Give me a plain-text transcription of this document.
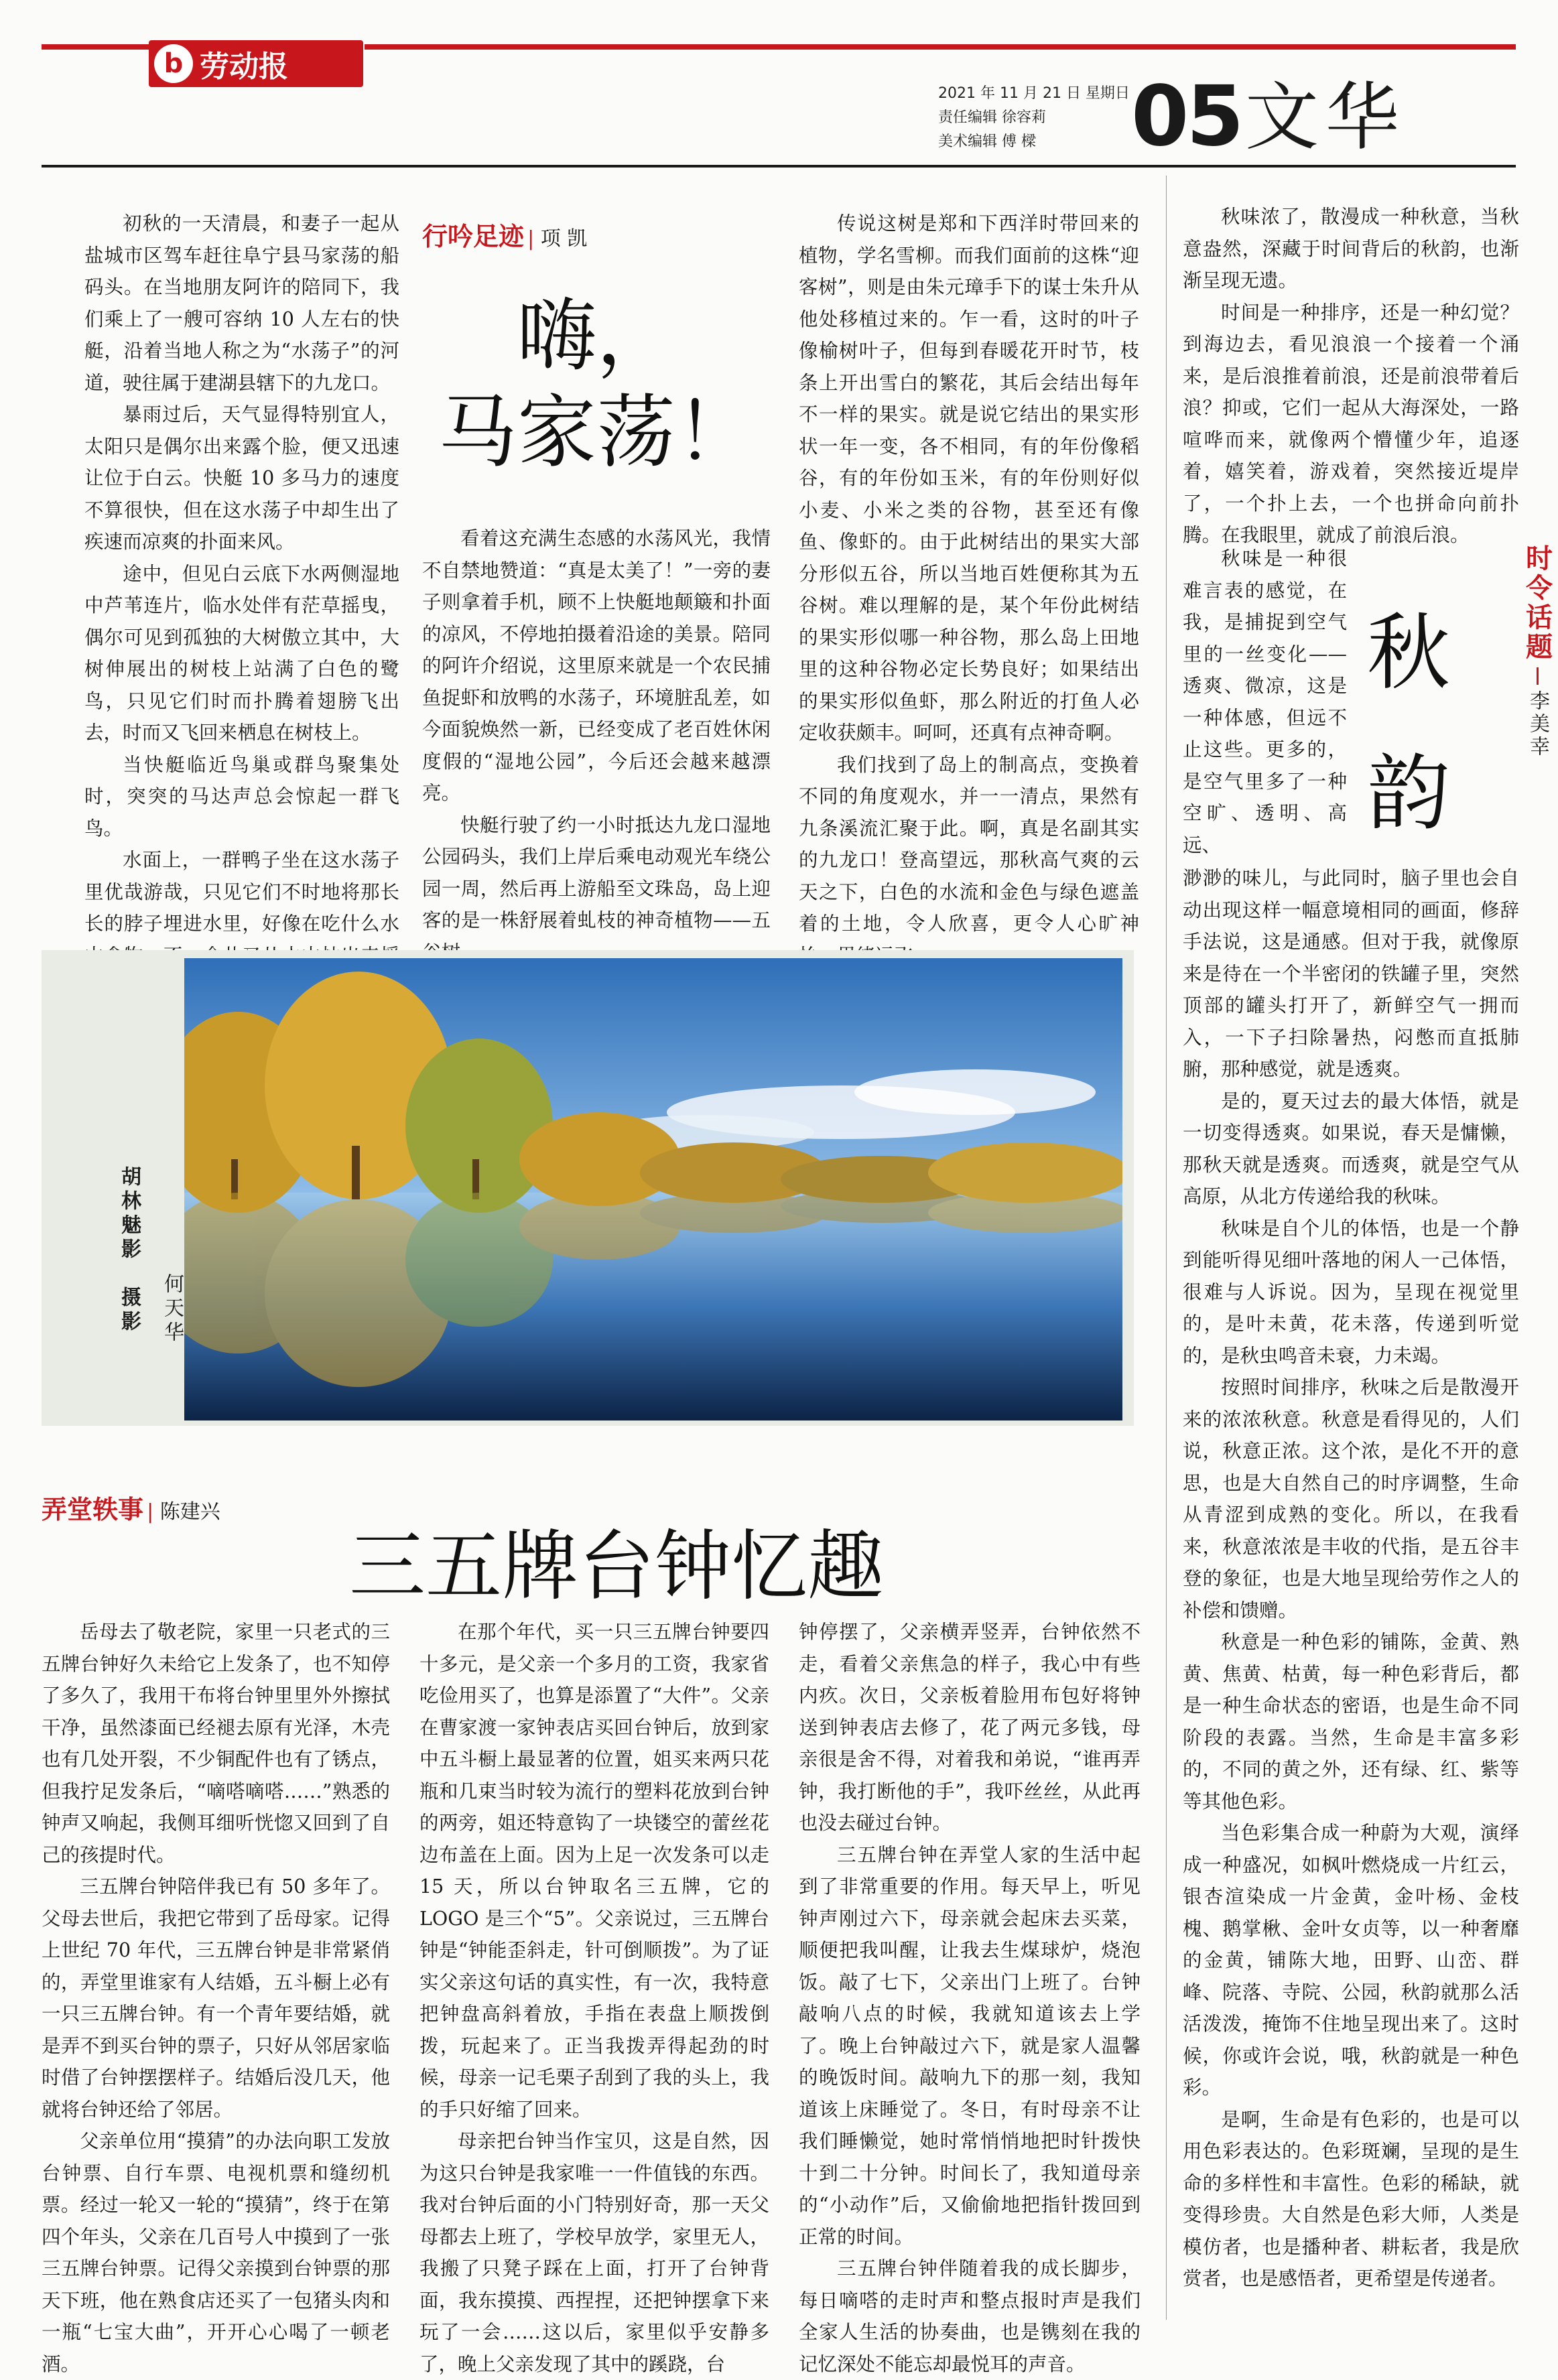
b 劳动报
2021 年 11 月 21 日 星期日
责任编辑 徐容莉
美术编辑 傅 樑	05 文华

初秋的一天清晨，和妻子一起从盐城市区驾车赶往阜宁县马家荡的船码头。在当地朋友阿许的陪同下，我们乘上了一艘可容纳 10 人左右的快艇，沿着当地人称之为“水荡子”的河道，驶往属于建湖县辖下的九龙口。

暴雨过后，天气显得特别宜人，太阳只是偶尔出来露个脸，便又迅速让位于白云。快艇 10 多马力的速度不算很快，但在这水荡子中却生出了疾速而凉爽的扑面来风。

途中，但见白云底下水两侧湿地中芦苇连片，临水处伴有茫草摇曳，偶尔可见到孤独的大树傲立其中，大树伸展出的树枝上站满了白色的鹭鸟，只见它们时而扑腾着翅膀飞出去，时而又飞回来栖息在树枝上。

当快艇临近鸟巢或群鸟聚集处时，突突的马达声总会惊起一群飞鸟。

水面上，一群鸭子坐在这水荡子里优哉游哉，只见它们不时地将那长长的脖子埋进水里，好像在吃什么水

行吟足迹 | 项 凯
嗨，
马家荡！

看着这充满生态感的水荡风光，我情不自禁地赞道：“真是太美了！”一旁的妻子则拿着手机，顾不上快艇地颠簸和扑面的凉风，不停地拍摄着沿途的美景。陪同的阿许介绍说，这里原来就是一个农民捕鱼捉虾和放鸭的水荡子，环境脏乱差，如今面貌焕然一新，已经变成了老百姓休闲度假的“湿地公园”，今后还会越来越漂亮。

快艇行驶了约一小时抵达九龙口湿地公园码头，我们上岸后乘电动观光车绕公园一周，然后再上游船至文珠岛，岛上迎客的是一株舒展着虬枝的神奇植物——五

传说这树是郑和下西洋时带回来的植物，学名雪柳。而我们面前的这株“迎客树”，则是由朱元璋手下的谋士朱升从他处移植过来的。乍一看，这时的叶子像榆树叶子，但每到春暖花开时节，枝条上开出雪白的繁花，其后会结出每年不一样的果实。就是说它结出的果实形状一年一变，各不相同，有的年份像稻谷，有的年份如玉米，有的年份则好似小麦、小米之类的谷物，甚至还有像鱼、像虾的。由于此树结出的果实大部分形似五谷，所以当地百姓便称其为五谷树。难以理解的是，某个年份此树结的果实形似哪一种谷物，那么岛上田地里的这种谷物必定长势良好；如果结出的果实形似鱼虾，那么附近的打鱼人必定收获颇丰。呵呵，还真有点神奇啊。

我们找到了岛上的制高点，变换着不同的角度观水，并一一清点，果然有九条溪流汇聚于此。啊，真是名副其实的九龙口！登高望远，那秋高气爽的云天之下，白色的水流和金色与绿色遮盖着的土地，令人欣喜，更令人心旷神

胡林魅影　摄影 何天华
弄堂轶事 | 陈建兴
三五牌台钟忆趣

岳母去了敬老院，家里一只老式的三五牌台钟好久未给它上发条了，也不知停了多久了，我用干布将台钟里里外外擦拭干净，虽然漆面已经褪去原有光泽，木壳也有几处开裂，不少铜配件也有了锈点，但我拧足发条后，“嘀嗒嘀嗒……”熟悉的钟声又响起，我侧耳细听恍惚又回到了自己的孩提时代。

三五牌台钟陪伴我已有 50 多年了。父母去世后，我把它带到了岳母家。记得上世纪 70 年代，三五牌台钟是非常紧俏的，弄堂里谁家有人结婚，五斗橱上必有一只三五牌台钟。有一个青年要结婚，就是弄不到买台钟的票子，只好从邻居家临时借了台钟摆摆样子。结婚后没几天，他就将台钟还给了邻居。

父亲单位用“摸猜”的办法向职工发放台钟票、自行车票、电视机票和缝纫机票。经过一轮又一轮的“摸猜”，终于在第四个年头，父亲在几百号人中摸到了一张三五牌台钟票。记得父亲摸到台钟票的那天下班，他在熟食店还买了一包猪头肉和一瓶“七宝大曲”，开开心心喝了一顿老酒。

在那个年代，买一只三五牌台钟要四十多元，是父亲一个多月的工资，我家省吃俭用买了，也算是添置了“大件”。父亲在曹家渡一家钟表店买回台钟后，放到家中五斗橱上最显著的位置，姐买来两只花瓶和几束当时较为流行的塑料花放到台钟的两旁，姐还特意钩了一块镂空的蕾丝花边布盖在上面。因为上足一次发条可以走 15 天，所以台钟取名三五牌，它的 LOGO 是三个“5”。父亲说过，三五牌台钟是“钟能歪斜走，针可倒顺拨”。为了证实父亲这句话的真实性，有一次，我特意把钟盘高斜着放，手指在表盘上顺拨倒拨，玩起来了。正当我拨弄得起劲的时候，母亲一记毛栗子刮到了我的头上，我的手只好缩了回来。

母亲把台钟当作宝贝，这是自然，因为这只台钟是我家唯一一件值钱的东西。我对台钟后面的小门特别好奇，那一天父母都去上班了，学校早放学，家里无人，我搬了只凳子踩在上面，打开了台钟背面，我东摸摸、西捏捏，还把钟摆拿下来玩了一会……这以后，家里似乎安静多了，晚上父亲发现了其中的蹊跷，台

钟停摆了，父亲横弄竖弄，台钟依然不走，看着父亲焦急的样子，我心中有些内疚。次日，父亲板着脸用布包好将钟送到钟表店去修了，花了两元多钱，母亲很是舍不得，对着我和弟说，“谁再弄钟，我打断他的手”，我吓丝丝，从此再也没去碰过台钟。

三五牌台钟在弄堂人家的生活中起到了非常重要的作用。每天早上，听见钟声刚过六下，母亲就会起床去买菜，顺便把我叫醒，让我去生煤球炉，烧泡饭。敲了七下，父亲出门上班了。台钟敲响八点的时候，我就知道该去上学了。晚上台钟敲过六下，就是家人温馨的晚饭时间。敲响九下的那一刻，我知道该上床睡觉了。冬日，有时母亲不让我们睡懒觉，她时常悄悄地把时针拨快十到二十分钟。时间长了，我知道母亲的“小动作”后，又偷偷地把指针拨回到正常的时间。

三五牌台钟伴随着我的成长脚步，每日嘀嗒的走时声和整点报时声是我们全家人生活的协奏曲，也是镌刻在我的记忆深处不能忘却最悦耳的声音。

秋味浓了，散漫成一种秋意，当秋意盎然，深藏于时间背后的秋韵，也渐渐呈现无遗。

时间是一种排序，还是一种幻觉？到海边去，看见浪浪一个接着一个涌来，是后浪推着前浪，还是前浪带着后浪？抑或，它们一起从大海深处，一路喧哗而来，就像两个懵懂少年，追逐着，嬉笑着，游戏着，突然接近堤岸了，一个扑上去，一个也拼命向前扑腾。在我眼里，就成了前浪后浪。

秋味是一种很难言表的感觉，在我，是捕捉到空气里的一丝变化——透爽、微凉，这是一种体感，但远不止这些。更多的，是空气里多了一种空旷、透明、高远、

时令话题
李美幸
秋
韵

渺渺的味儿，与此同时，脑子里也会自动出现这样一幅意境相同的画面，修辞手法说，这是通感。但对于我，就像原来是待在一个半密闭的铁罐子里，突然顶部的罐头打开了，新鲜空气一拥而入，一下子扫除暑热，闷憋而直抵肺腑，那种感觉，就是透爽。

是的，夏天过去的最大体悟，就是一切变得透爽。如果说，春天是慵懒，那秋天就是透爽。而透爽，就是空气从高原，从北方传递给我的秋味。

秋味是自个儿的体悟，也是一个静到能听得见细叶落地的闲人一己体悟，很难与人诉说。因为，呈现在视觉里的，是叶未黄，花未落，传递到听觉的，是秋虫鸣音未衰，力未竭。

按照时间排序，秋味之后是散漫开来的浓浓秋意。秋意是看得见的，人们说，秋意正浓。这个浓，是化不开的意思，也是大自然自己的时序调整，生命从青涩到成熟的变化。所以，在我看来，秋意浓浓是丰收的代指，是五谷丰登的象征，也是大地呈现给劳作之人的补偿和馈赠。

秋意是一种色彩的铺陈，金黄、熟黄、焦黄、枯黄，每一种色彩背后，都是一种生命状态的密语，也是生命不同阶段的表露。当然，生命是丰富多彩的，不同的黄之外，还有绿、红、紫等等其他色彩。

当色彩集合成一种蔚为大观，演绎成一种盛况，如枫叶燃烧成一片红云，银杏渲染成一片金黄，金叶杨、金枝槐、鹅掌楸、金叶女贞等，以一种奢靡的金黄，铺陈大地，田野、山峦、群峰、院落、寺院、公园，秋韵就那么活活泼泼，掩饰不住地呈现出来了。这时候，你或许会说，哦，秋韵就是一种色彩。

是啊，生命是有色彩的，也是可以用色彩表达的。色彩斑斓，呈现的是生命的多样性和丰富性。色彩的稀缺，就变得珍贵。大自然是色彩大师，人类是模仿者，也是播种者、耕耘者，我是欣赏者，也是感悟者，更希望是传递者。
